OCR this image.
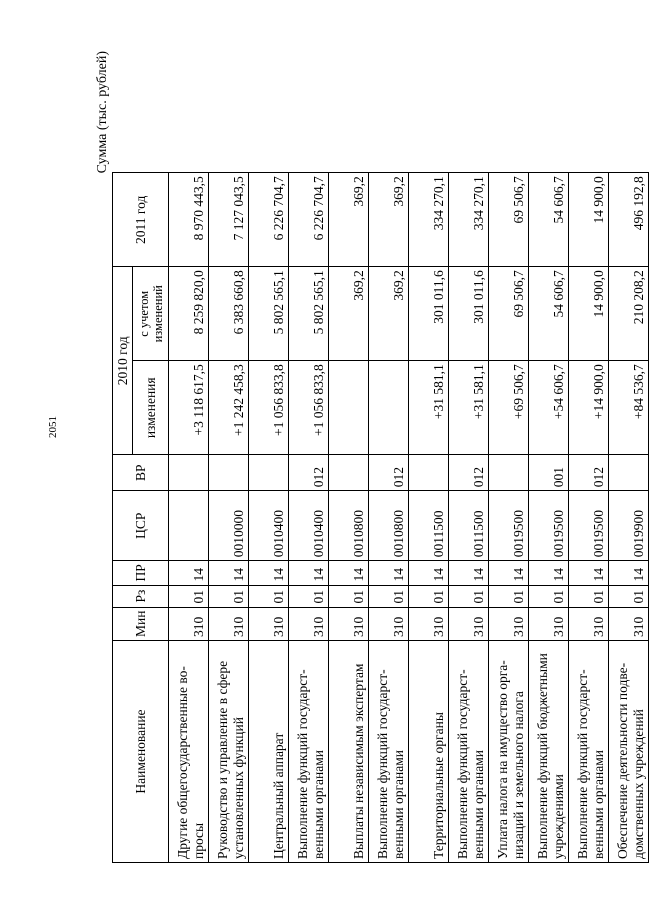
2051
Сумма (тыс. рублей)
Наименование	Мин	Рз	ПР	ЦСР	ВР	2010 год		2011 год
						изменения	с учетом изменений	
Другие общегосударственные во-просы	310	01	14			+3 118 617,5	8 259 820,0	8 970 443,5
Руководство и управление в сфере установленных функций	310	01	14	0010000		+1 242 458,3	6 383 660,8	7 127 043,5
Центральный аппарат	310	01	14	0010400		+1 056 833,8	5 802 565,1	6 226 704,7
Выполнение функций государст-венными органами	310	01	14	0010400	012	+1 056 833,8	5 802 565,1	6 226 704,7
Выплаты независимым экспертам	310	01	14	0010800			369,2	369,2
Выполнение функций государст-венными органами	310	01	14	0010800	012		369,2	369,2
Территориальные органы	310	01	14	0011500		+31 581,1	301 011,6	334 270,1
Выполнение функций государст-венными органами	310	01	14	0011500	012	+31 581,1	301 011,6	334 270,1
Уплата налога на имущество орга-низаций и земельного налога	310	01	14	0019500		+69 506,7	69 506,7	69 506,7
Выполнение функций бюджетными учреждениями	310	01	14	0019500	001	+54 606,7	54 606,7	54 606,7
Выполнение функций государст-венными органами	310	01	14	0019500	012	+14 900,0	14 900,0	14 900,0
Обеспечение деятельности подве-домственных учреждений	310	01	14	0019900		+84 536,7	210 208,2	496 192,8
